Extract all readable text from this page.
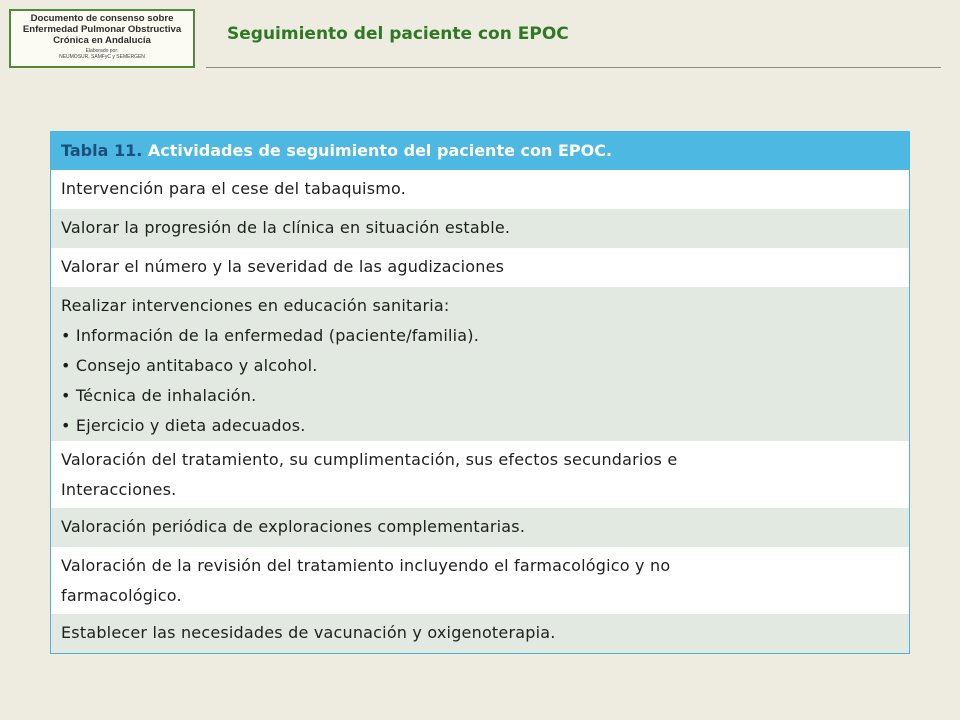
Documento de consenso sobre
Enfermedad Pulmonar Obstructiva
Crónica en Andalucía
Elaborado por:
NEUMOSUR, SAMFyC y SEMERGEN
Seguimiento del paciente con EPOC
Tabla 11. Actividades de seguimiento del paciente con EPOC.
Intervención para el cese del tabaquismo.
Valorar la progresión de la clínica en situación estable.
Valorar el número y la severidad de las agudizaciones
Realizar intervenciones en educación sanitaria:
• Información de la enfermedad (paciente/familia).
• Consejo antitabaco y alcohol.
• Técnica de inhalación.
• Ejercicio y dieta adecuados.
Valoración del tratamiento, su cumplimentación, sus efectos secundarios e
Interacciones.
Valoración periódica de exploraciones complementarias.
Valoración de la revisión del tratamiento incluyendo el farmacológico y no
farmacológico.
Establecer las necesidades de vacunación y oxigenoterapia.
